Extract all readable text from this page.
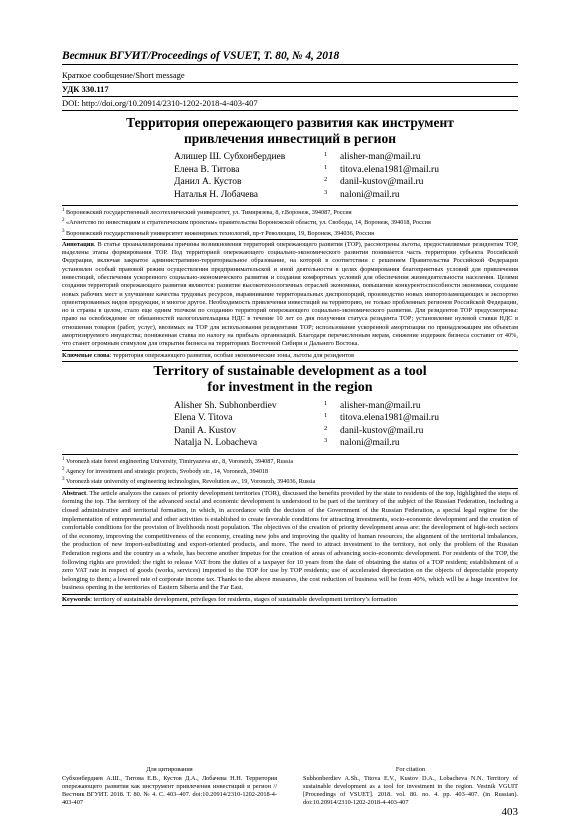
Вестник ВГУИТ/Proceedings of VSUET, Т. 80, № 4, 2018
Краткое сообщение/Short message
УДК 330.117
DOI: http://doi.org/10.20914/2310-1202-2018-4-403-407
Территория опережающего развития как инструмент
привлечения инвестиций в регион
Алишер Ш. Субхонбердиев	1	alisher-man@mail.ru
Елена В. Титова	1	titova.elena1981@mail.ru
Данил А. Кустов	2	danil-kustov@mail.ru
Наталья Н. Лобачева	3	naloni@mail.ru
$^1$ Воронежский государственный лесотехнический университет, ул. Тимирязева, 8, г.Воронеж, 394087, Россия
$^2$ «Агентство по инвестициям и стратегическим проектам» правительства Воронежской области, ул. Свободы, 14, Воронеж, 394018, Россия
$^3$ Воронежский государственный университет инженерных технологий, пр-т Революции, 19, Воронеж, 394036, Россия
Аннотация. В статье проанализированы причины возникновения территорий опережающего развития (ТОР), рассмотрены льготы, предоставляемые резидентам ТОР, выделены этапы формирования ТОР. Под территорией опережающего социально-экономического развития понимается часть территории субъекта Российской Федерации, включая закрытое административно-территориальное образование, на которой в соответствии с решением Правительства Российской Федерации установлен особый правовой режим осуществления предпринимательской и иной деятельности в целях формирования благоприятных условий для привлечения инвестиций, обеспечения ускоренного социально-экономического развития и создания комфортных условий для обеспечения жизнедеятельности населения. Целями создания территорий опережающего развития являются: развитие высокотехнологичных отраслей экономики, повышение конкурентоспособности экономики, создание новых рабочих мест и улучшение качества трудовых ресурсов, выравнивание территориальных диспропорций, производство новых импортозамещающих и экспортно ориентированных видов продукции, и многое другое. Необходимость привлечения инвестиций на территорию, не только проблемных регионов Российской Федерации, но и страны в целом, стало еще одним толчком по созданию территорий опережающего социально-экономического развития. Для резидентов ТОР предусмотрены: право на освобождение от обязанностей налогоплательщика НДС в течение 10 лет со дня получения статуса резидента ТОР; установление нулевой ставки НДС в отношении товаров (работ, услуг), ввозимых на ТОР для использования резидентами ТОР; использование ускоренной амортизации по принадлежащим им объектам амортизируемого имущества; пониженная ставка по налогу на прибыль организаций. Благодаря перечисленным мерам, снижение издержек бизнеса составит от 40%, что станет огромным стимулом для открытия бизнеса на территориях Восточной Сибири и Дальнего Востока.
Ключевые слова: территория опережающего развития, особые экономические зоны, льготы для резидентов
Territory of sustainable development as a tool
for investment in the region
Alisher Sh. Subhonberdiev	1	alisher-man@mail.ru
Elena V. Titova	1	titova.elena1981@mail.ru
Danil A. Kustov	2	danil-kustov@mail.ru
Natalja N. Lobacheva	3	naloni@mail.ru
$^1$ Voronezh state forest engineering University, Timiryazeva str., 8, Voronezh, 394087, Russia
$^2$ Agency for investment and strategic projects, Svobody str., 14, Voronezh, 394018
$^3$ Voronezh state university of engineering technologies, Revolution av., 19, Voronezh, 394036, Russia
Abstract. The article analyzes the causes of priority development territories (TOR), discussed the benefits provided by the state to residents of the top, highlighted the steps of forming the top. The territory of the advanced social and economic development is understood to be part of the territory of the subject of the Russian Federation, including a closed administrative and territorial formation, in which, in accordance with the decision of the Government of the Russian Federation, a special legal regime for the implementation of entrepreneurial and other activities is established to create favorable conditions for attracting investments, socio-economic development and the creation of comfortable conditions for the provision of livelihoods nosti population. The objectives of the creation of priority development areas are: the development of high-tech sectors of the economy, improving the competitiveness of the economy, creating new jobs and improving the quality of human resources, the alignment of the territorial imbalances, the production of new import-substituting and export-oriented products, and more. The need to attract investment to the territory, not only the problem of the Russian Federation regions and the country as a whole, has become another impetus for the creation of areas of advancing socio-economic development. For residents of the TOP, the following rights are provided: the right to release VAT from the duties of a taxpayer for 10 years from the date of obtaining the status of a TOP resident; establishment of a zero VAT rate in respect of goods (works, services) imported to the TOP for use by TOP residents; use of accelerated depreciation on the objects of depreciable property belonging to them; a lowered rate of corporate income tax. Thanks to the above measures, the cost reduction of business will be from 40%, which will be a huge incentive for business opening in the territories of Eastern Siberia and the Far East.
Keywords: territory of sustainable development, privileges for residents, stages of sustainable development territory’s formation
Для цитирования
Субхонбердиев А.Ш., Титова Е.В., Кустов Д.А., Лобачева Н.Н. Территория опережающего развития как инструмент привлечения инвестиций в регион // Вестник ВГУИТ. 2018. Т. 80. № 4. С. 403–407. doi:10.20914/2310-1202-2018-4-403-407
For citation
Subhonberdiev A.Sh., Titova E.V., Kustov D.A., Lobacheva N.N. Territory of sustainable development as a tool for investment in the region. Vestnik VGUIT [Proceedings of VSUET]. 2018. vol. 80. no. 4. pp. 403–407. (in Russian). doi:10.20914/2310-1202-2018-4-403-407
403
